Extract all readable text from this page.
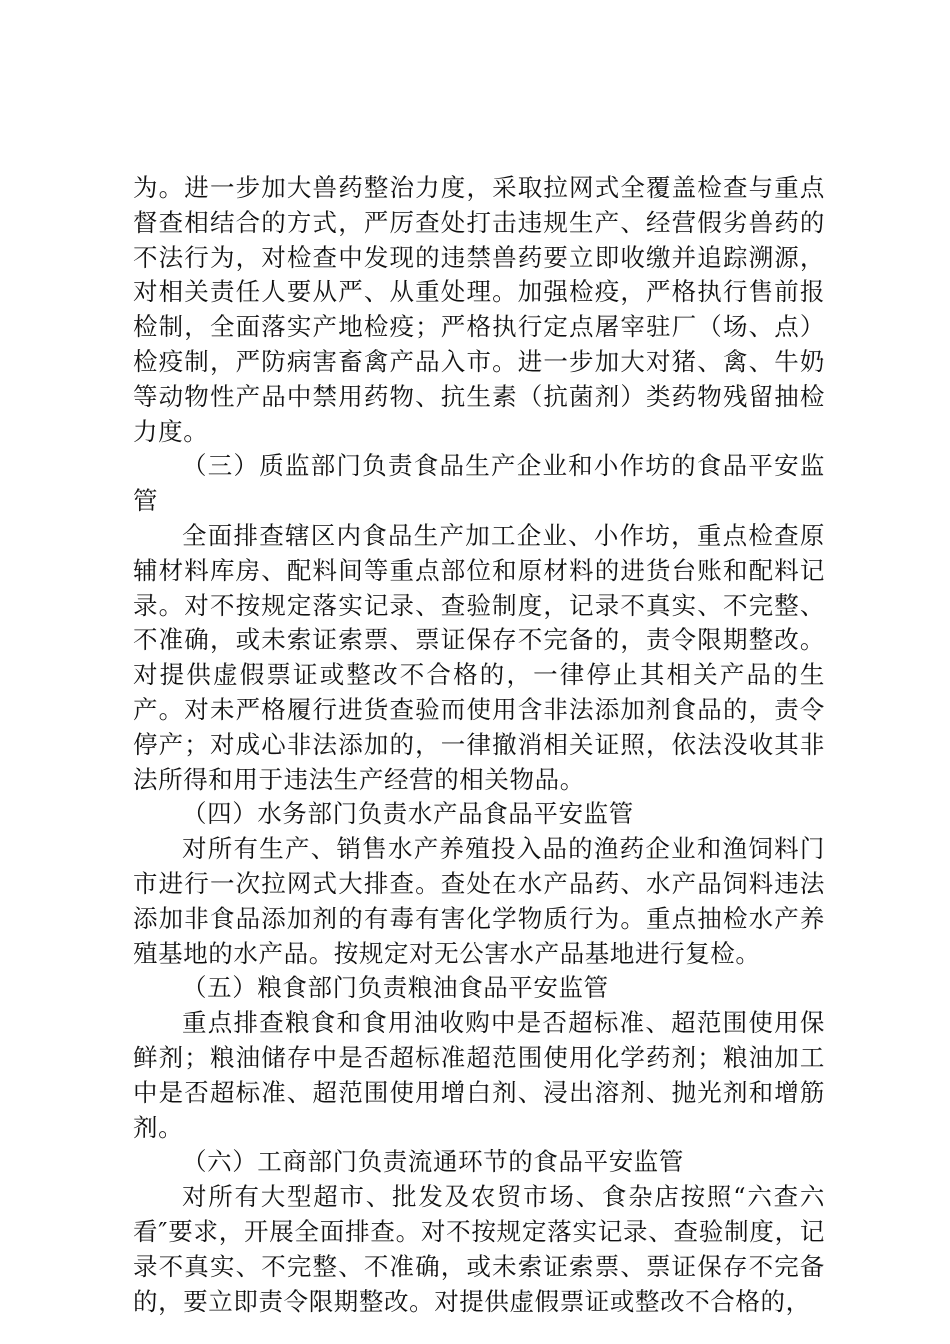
为。进一步加大兽药整治力度，采取拉网式全覆盖检查与重点督查相结合的方式，严厉查处打击违规生产、经营假劣兽药的不法行为，对检查中发现的违禁兽药要立即收缴并追踪溯源，对相关责任人要从严、从重处理。加强检疫，严格执行售前报检制，全面落实产地检疫；严格执行定点屠宰驻厂（场、点）检疫制，严防病害畜禽产品入市。进一步加大对猪、禽、牛奶等动物性产品中禁用药物、抗生素（抗菌剂）类药物残留抽检力度。

（三）质监部门负责食品生产企业和小作坊的食品平安监管

全面排查辖区内食品生产加工企业、小作坊，重点检查原辅材料库房、配料间等重点部位和原材料的进货台账和配料记录。对不按规定落实记录、查验制度，记录不真实、不完整、不准确，或未索证索票、票证保存不完备的，责令限期整改。对提供虚假票证或整改不合格的，一律停止其相关产品的生产。对未严格履行进货查验而使用含非法添加剂食品的，责令停产；对成心非法添加的，一律撤消相关证照，依法没收其非法所得和用于违法生产经营的相关物品。

（四）水务部门负责水产品食品平安监管

对所有生产、销售水产养殖投入品的渔药企业和渔饲料门市进行一次拉网式大排查。查处在水产品药、水产品饲料违法添加非食品添加剂的有毒有害化学物质行为。重点抽检水产养殖基地的水产品。按规定对无公害水产品基地进行复检。

（五）粮食部门负责粮油食品平安监管

重点排查粮食和食用油收购中是否超标准、超范围使用保鲜剂；粮油储存中是否超标准超范围使用化学药剂；粮油加工中是否超标准、超范围使用增白剂、浸出溶剂、抛光剂和增筋剂。

（六）工商部门负责流通环节的食品平安监管

对所有大型超市、批发及农贸市场、食杂店按照“六查六看″要求，开展全面排查。对不按规定落实记录、查验制度，记录不真实、不完整、不准确，或未索证索票、票证保存不完备的，要立即责令限期整改。对提供虚假票证或整改不合格的，
